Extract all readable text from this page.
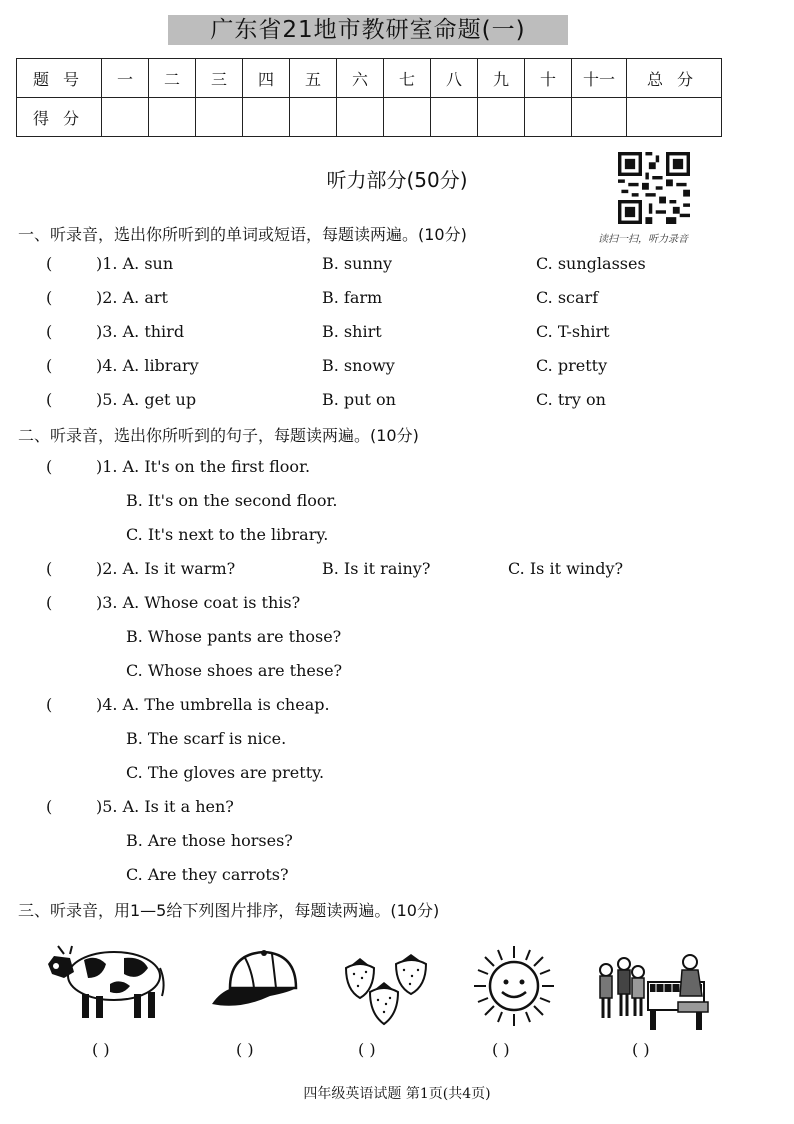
广东省21地市教研室命题(一)
题号	一	二	三	四	五	六	七	八	九	十	十一	总分
得分												
听力部分(50分)
读扫一扫，听力录音
一、听录音，选出你所听到的单词或短语，每题读两遍。(10分)
(	)1. A. sun	B. sunny	C. sunglasses
(	)2. A. art	B. farm	C. scarf
(	)3. A. third	B. shirt	C. T-shirt
(	)4. A. library	B. snowy	C. pretty
(	)5. A. get up	B. put on	C. try on
二、听录音，选出你所听到的句子，每题读两遍。(10分)
(	)1. A. It's on the first floor.
B. It's on the second floor.
C. It's next to the library.
(	)2. A. Is it warm?	B. Is it rainy?	C. Is it windy?
(	)3. A. Whose coat is this?
B. Whose pants are those?
C. Whose shoes are these?
(	)4. A. The umbrella is cheap.
B. The scarf is nice.
C. The gloves are pretty.
(	)5. A. Is it a hen?
B. Are those horses?
C. Are they carrots?
三、听录音，用1—5给下列图片排序，每题读两遍。(10分)
( )	( )	( )	( )	( )
四年级英语试题 第1页(共4页)
